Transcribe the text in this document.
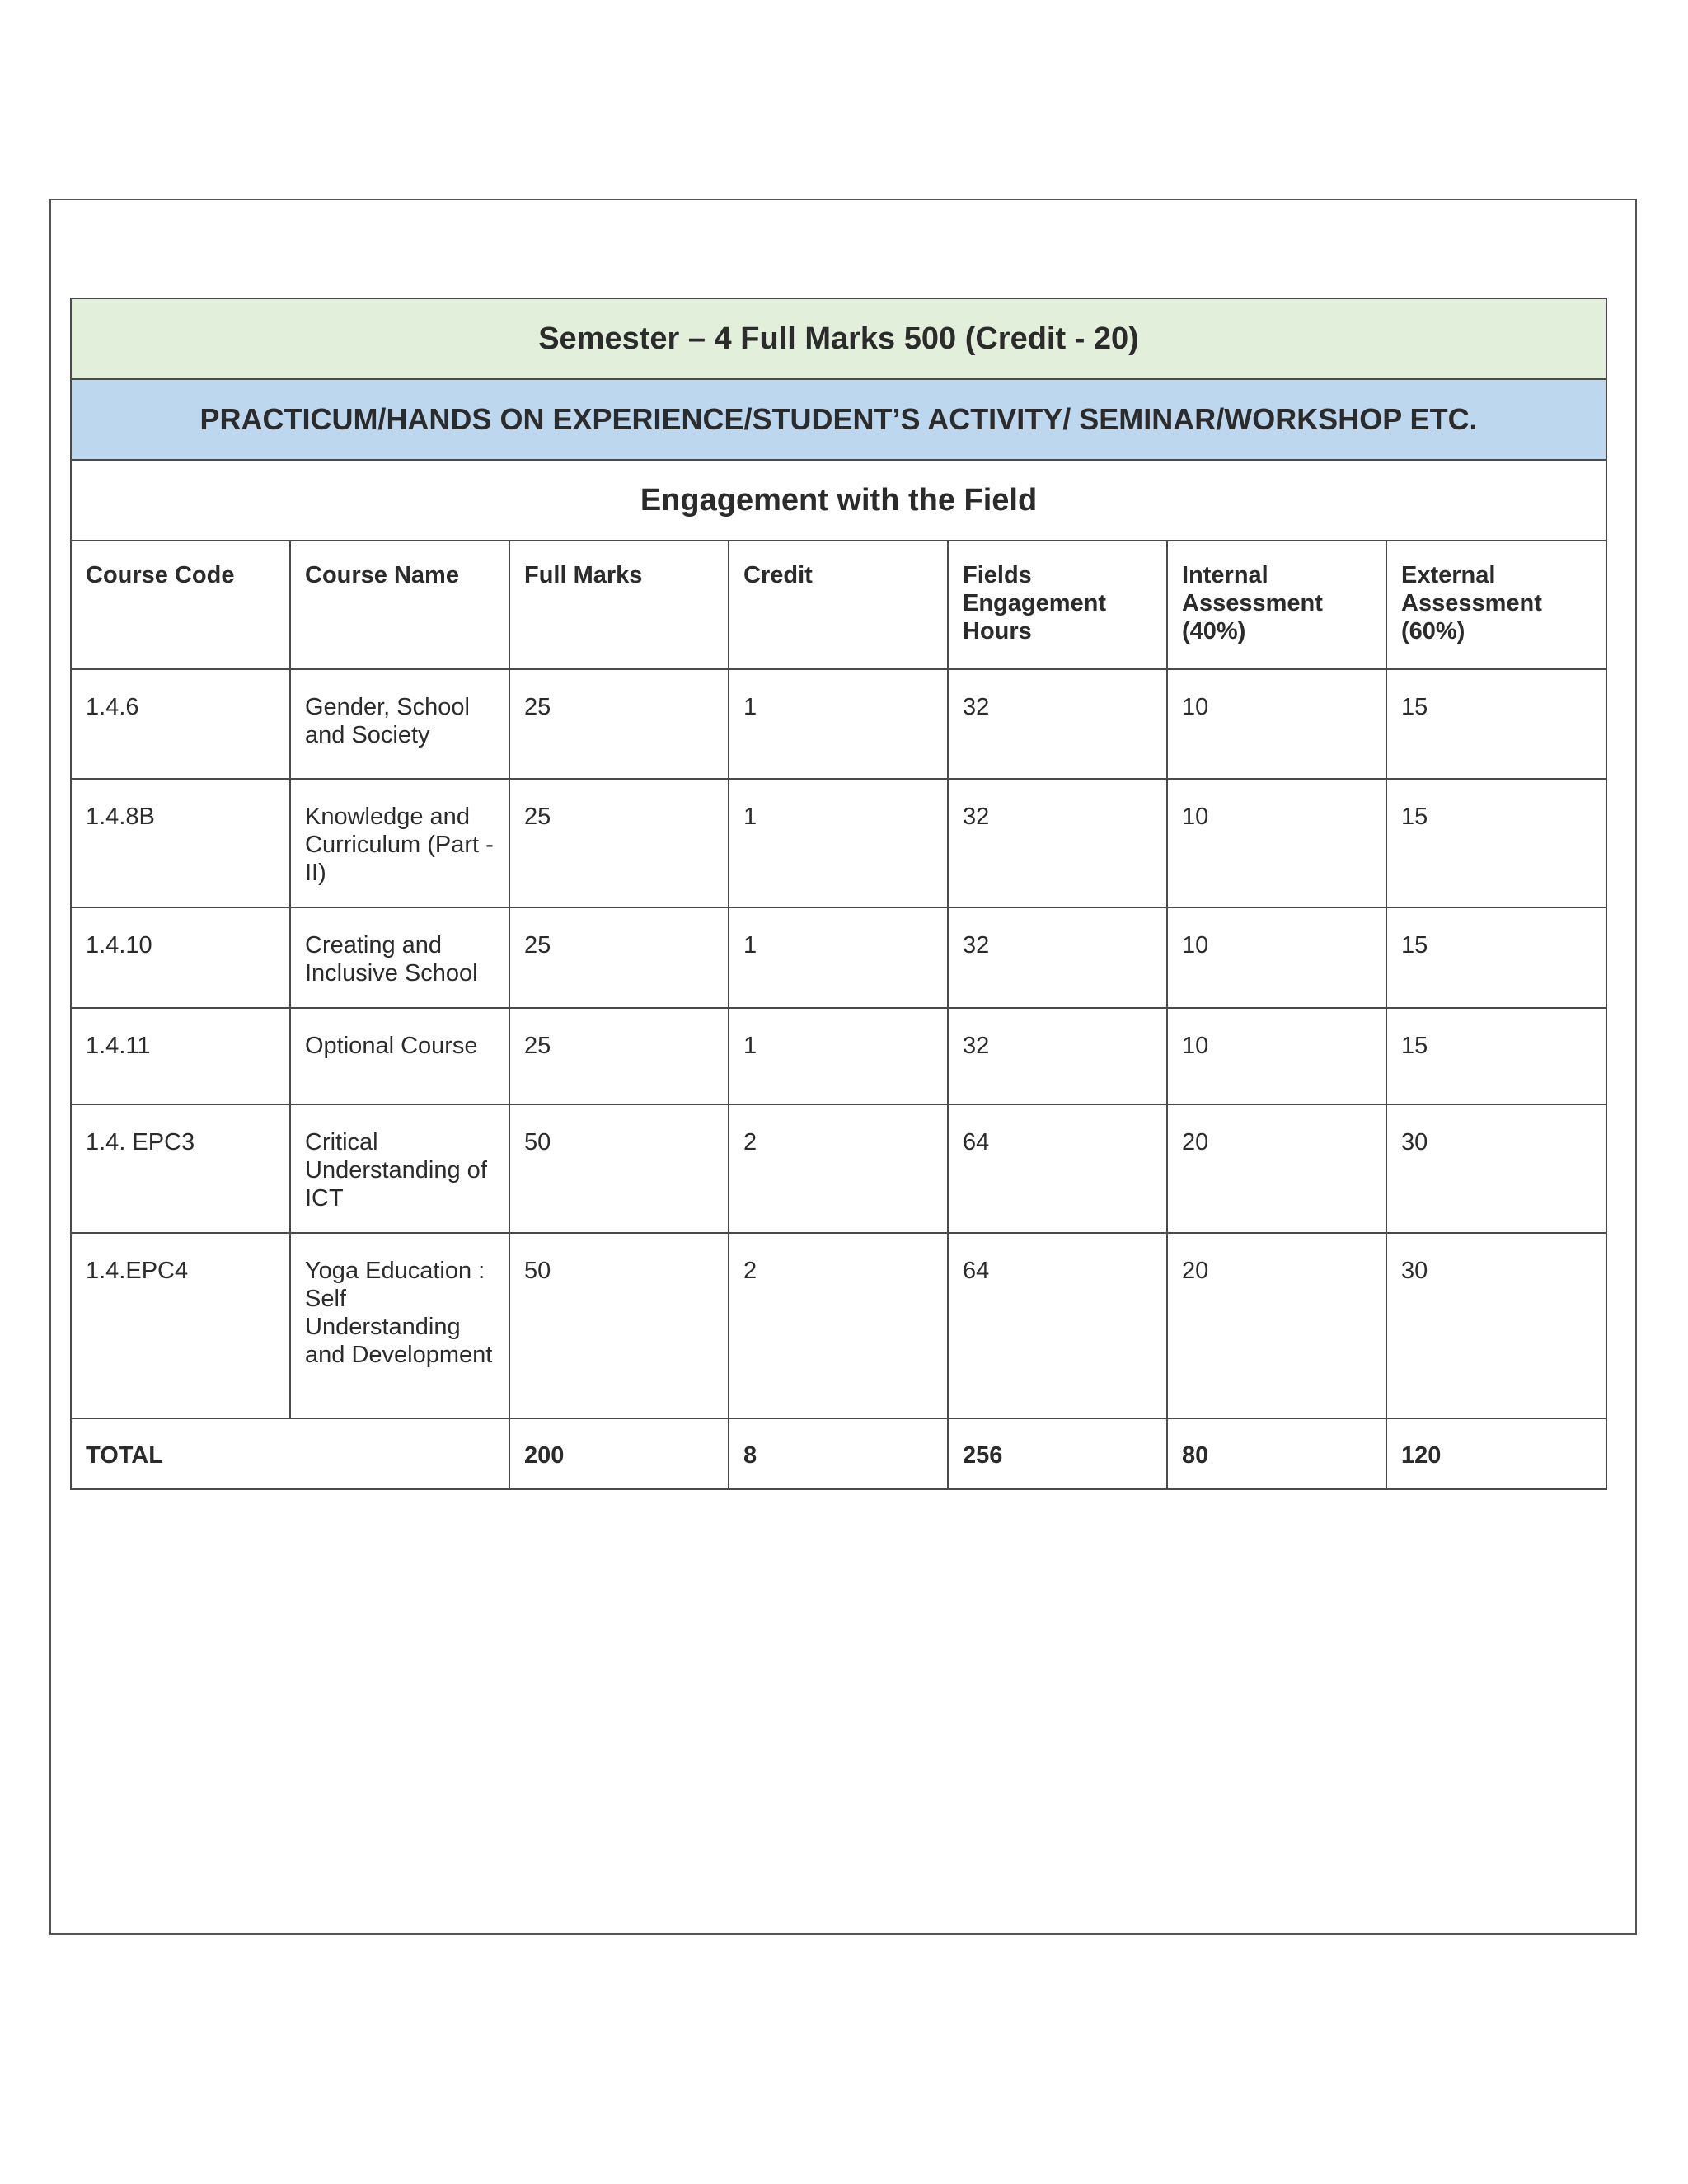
Semester – 4 Full Marks 500 (Credit - 20)						
PRACTICUM/HANDS ON EXPERIENCE/STUDENT’S ACTIVITY/ SEMINAR/WORKSHOP ETC.						
Engagement with the Field						
Course Code	Course Name	Full Marks	Credit	Fields Engagement Hours	Internal Assessment (40%)	External Assessment (60%)
1.4.6	Gender, School and Society	25	1	32	10	15
1.4.8B	Knowledge and Curriculum (Part -II)	25	1	32	10	15
1.4.10	Creating and Inclusive School	25	1	32	10	15
1.4.11	Optional Course	25	1	32	10	15
1.4. EPC3	Critical Understanding of ICT	50	2	64	20	30
1.4.EPC4	Yoga Education : Self Understanding and Development	50	2	64	20	30
TOTAL		200	8	256	80	120
